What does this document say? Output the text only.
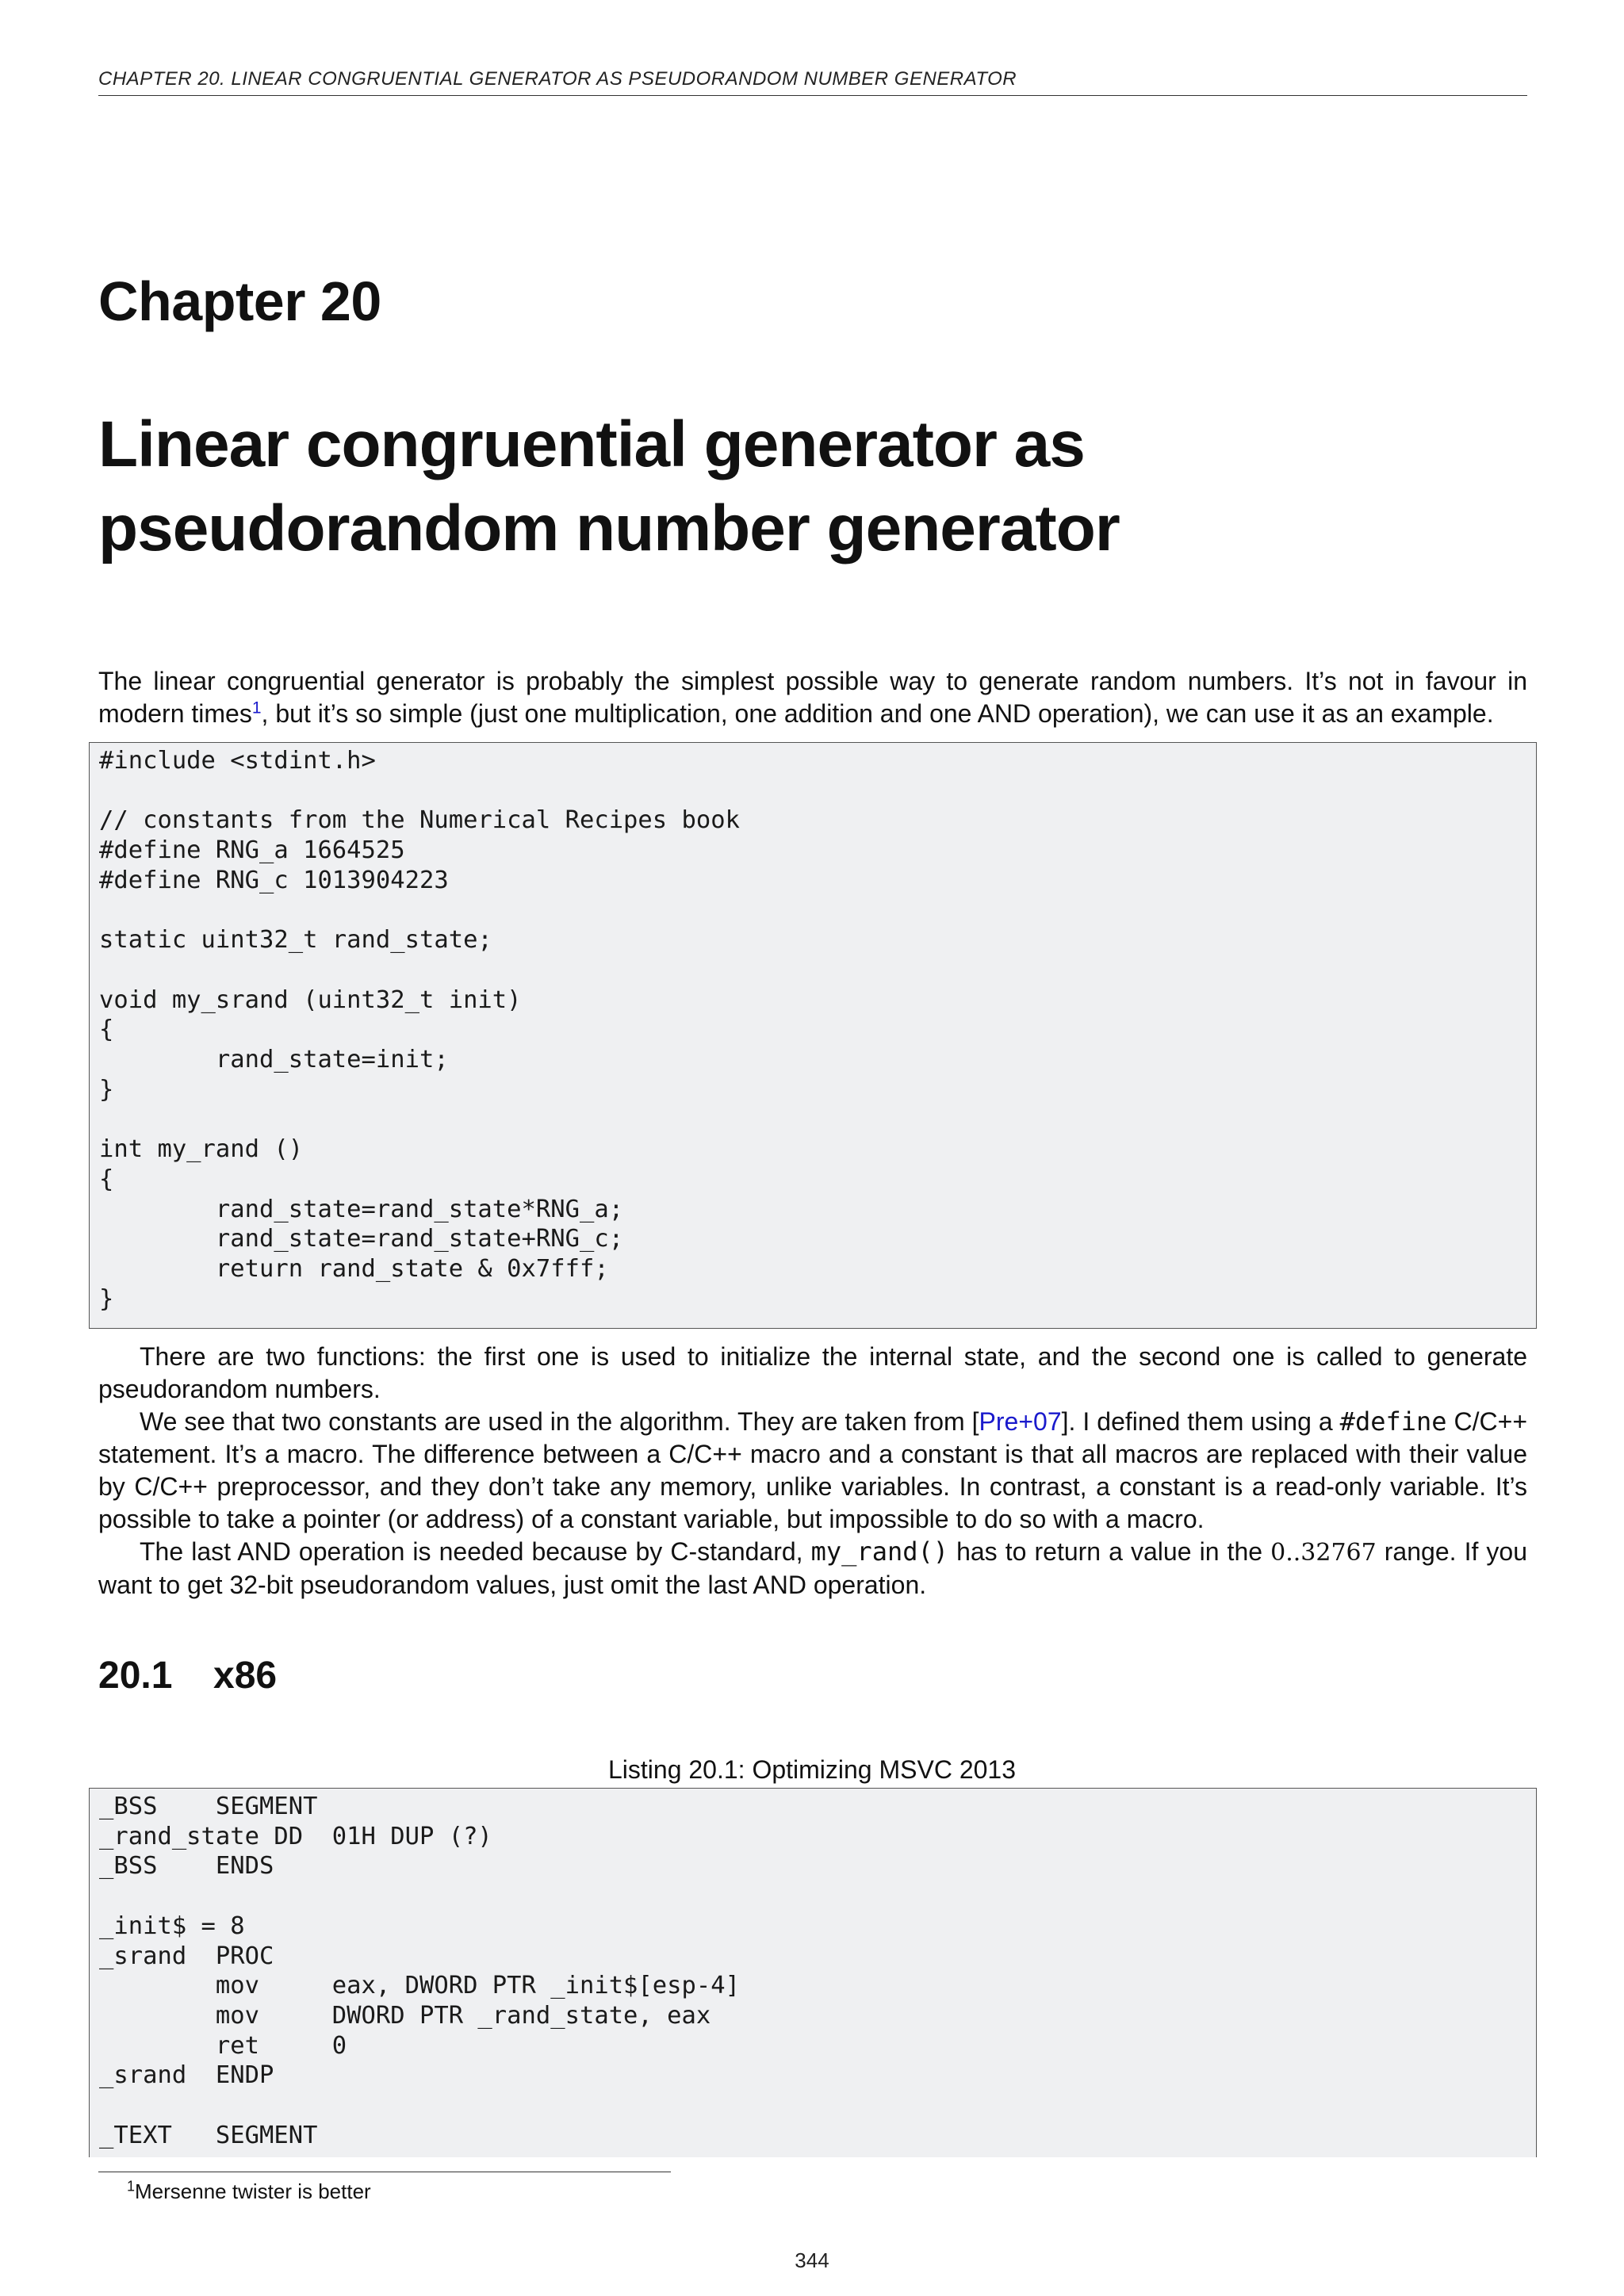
CHAPTER 20. LINEAR CONGRUENTIAL GENERATOR AS PSEUDORANDOM NUMBER GENERATOR
Chapter 20
Linear congruential generator as pseudorandom number generator

The linear congruential generator is probably the simplest possible way to generate random numbers. It’s not in favour in modern times$^1$, but it’s so simple (just one multiplication, one addition and one AND operation), we can use it as an example.

#include <stdint.h>

// constants from the Numerical Recipes book
#define RNG_a 1664525
#define RNG_c 1013904223

static uint32_t rand_state;

void my_srand (uint32_t init)
{
rand_state=init;
}

int my_rand ()
{
rand_state=rand_state*RNG_a;
rand_state=rand_state+RNG_c;
return rand_state & 0x7fff;
}

There are two functions: the first one is used to initialize the internal state, and the second one is called to generate pseudorandom numbers.

We see that two constants are used in the algorithm. They are taken from [Pre+07]. I defined them using a #define C/C++ statement. It’s a macro. The difference between a C/C++ macro and a constant is that all macros are replaced with their value by C/C++ preprocessor, and they don’t take any memory, unlike variables. In contrast, a constant is a read-only variable. It’s possible to take a pointer (or address) of a constant variable, but impossible to do so with a macro.

The last AND operation is needed because by C-standard, my_rand() has to return a value in the 0..32767 range. If you want to get 32-bit pseudorandom values, just omit the last AND operation.

20.1 x86
Listing 20.1: Optimizing MSVC 2013
_BSS    SEGMENT
_rand_state DD  01H DUP (?)
_BSS    ENDS

_init$ = 8
_srand  PROC
mov     eax, DWORD PTR _init$[esp-4]
mov     DWORD PTR _rand_state, eax
ret     0
_srand  ENDP

_TEXT   SEGMENT
$^1$Mersenne twister is better
344
